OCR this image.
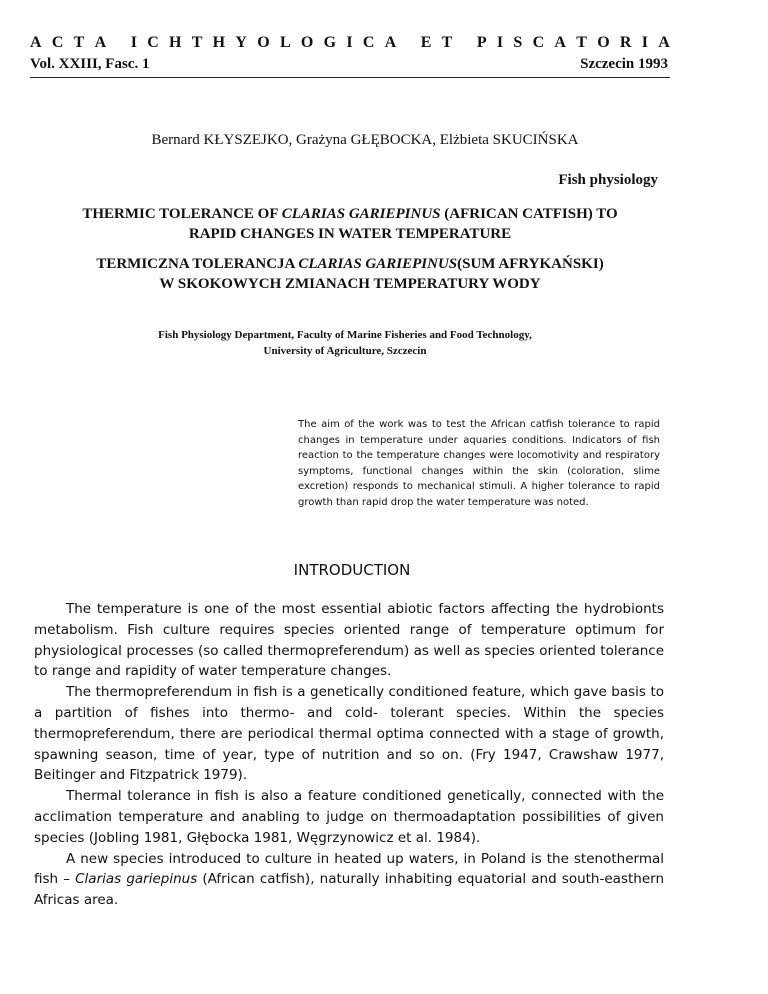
A C T A
I C H T H Y O L O G I C A
E T
P I S C A T O R I A
Vol. XXIII, Fasc. 1	Szczecin 1993
Bernard KŁYSZEJKO, Grażyna GŁĘBOCKA, Elżbieta SKUCIŃSKA
Fish physiology
THERMIC TOLERANCE OF CLARIAS GARIEPINUS (AFRICAN CATFISH) TO
RAPID CHANGES IN WATER TEMPERATURE
TERMICZNA TOLERANCJA CLARIAS GARIEPINUS(SUM AFRYKAŃSKI)
W SKOKOWYCH ZMIANACH TEMPERATURY WODY
Fish Physiology Department, Faculty of Marine Fisheries and Food Technology,
University of Agriculture, Szczecin
The aim of the work was to test the African catfish tolerance to rapid changes in temperature under aquaries conditions. Indicators of fish reaction to the temperature changes were locomotivity and respiratory symptoms, functional changes within the skin (coloration, slime excretion) responds to mechanical stimuli. A higher tolerance to rapid growth than rapid drop the water temperature was noted.
INTRODUCTION

The temperature is one of the most essential abiotic factors affecting the hydrobionts metabolism. Fish culture requires species oriented range of temperature optimum for physiological processes (so called thermopreferendum) as well as species oriented tolerance to range and rapidity of water temperature changes.

The thermopreferendum in fish is a genetically conditioned feature, which gave basis to a partition of fishes into thermo- and cold- tolerant species. Within the species thermopreferendum, there are periodical thermal optima connected with a stage of growth, spawning season, time of year, type of nutrition and so on. (Fry 1947, Crawshaw 1977, Beitinger and Fitzpatrick 1979).

Thermal tolerance in fish is also a feature conditioned genetically, connected with the acclimation temperature and anabling to judge on thermoadaptation possibilities of given species (Jobling 1981, Głębocka 1981, Węgrzynowicz et al. 1984).

A new species introduced to culture in heated up waters, in Poland is the stenothermal fish – Clarias gariepinus (African catfish), naturally inhabiting equatorial and south-easthern Africas area.
